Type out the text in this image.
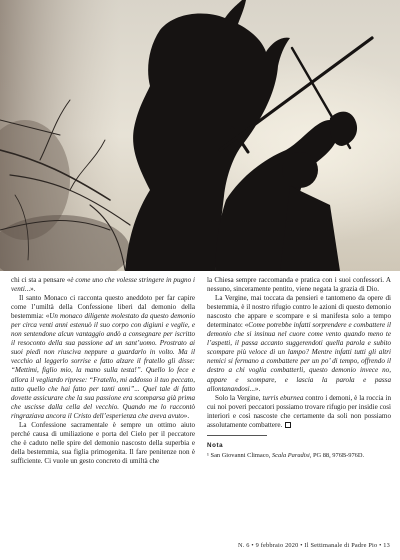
chi ci sta a pensare «è come uno che volesse stringere in pugno i venti...».

Il santo Monaco ci racconta questo aneddoto per far capire come l’umiltà della Confessione liberi dal demonio della bestemmia: «Un monaco diligente molestato da questo demonio per circa venti anni estenuò il suo corpo con digiuni e veglie, e non sentendone alcun vantaggio andò a consegnare per iscritto il resoconto della sua passione ad un sant’uomo. Prostrato ai suoi piedi non riusciva neppure a guardarlo in volto. Ma il vecchio al leggerlo sorrise e fatto alzare il fratello gli disse: “Mettimi, figlio mio, la mano sulla testa!”. Quello lo fece e allora il vegliardo riprese: “Fratello, mi addosso il tuo peccato, tutto quello che hai fatto per tanti anni”... Quel tale di fatto dovette assicurare che la sua passione era scomparsa già prima che uscisse dalla cella del vecchio. Quando me lo raccontò ringraziava ancora il Cristo dell’esperienza che aveva avuto».

La Confessione sacramentale è sempre un ottimo aiuto perché causa di umiliazione e porta del Cielo per il peccatore che è caduto nelle spire del demonio nascosto della superbia e della bestemmia, sua figlia primogenita. Il fare penitenze non è sufficiente. Ci vuole un gesto concreto di umiltà che

la Chiesa sempre raccomanda e pratica con i suoi confessori. A nessuno, sinceramente pentito, viene negata la grazia di Dio.

La Vergine, mai toccata da pensieri e tantomeno da opere di bestemmia, è il nostro rifugio contro le azioni di questo demonio nascosto che appare e scompare e si manifesta solo a tempo determinato: «Come potrebbe infatti sorprendere e combattere il demonio che si insinua nel cuore come vento quando meno te l’aspetti, il passa accanto suggerendoti quella parola e subito scompare più veloce di un lampo? Mentre infatti tutti gli altri nemici si fermano a combattere per un po’ di tempo, offrendo il destro a chi voglia combatterli, questo demonio invece no, appare e scompare, e lascia la parola e passa allontanandosi...».

Solo la Vergine, turris eburnea contro i demoni, è la roccia in cui noi poveri peccatori possiamo trovare rifugio per insidie così interiori e così nascoste che certamente da soli non possiamo assolutamente combattere.

Nota
¹ San Giovanni Climaco, Scala Paradisi, PG 88, 976B-976D.
N. 6 • 9 febbraio 2020 • Il Settimanale di Padre Pio • 13
